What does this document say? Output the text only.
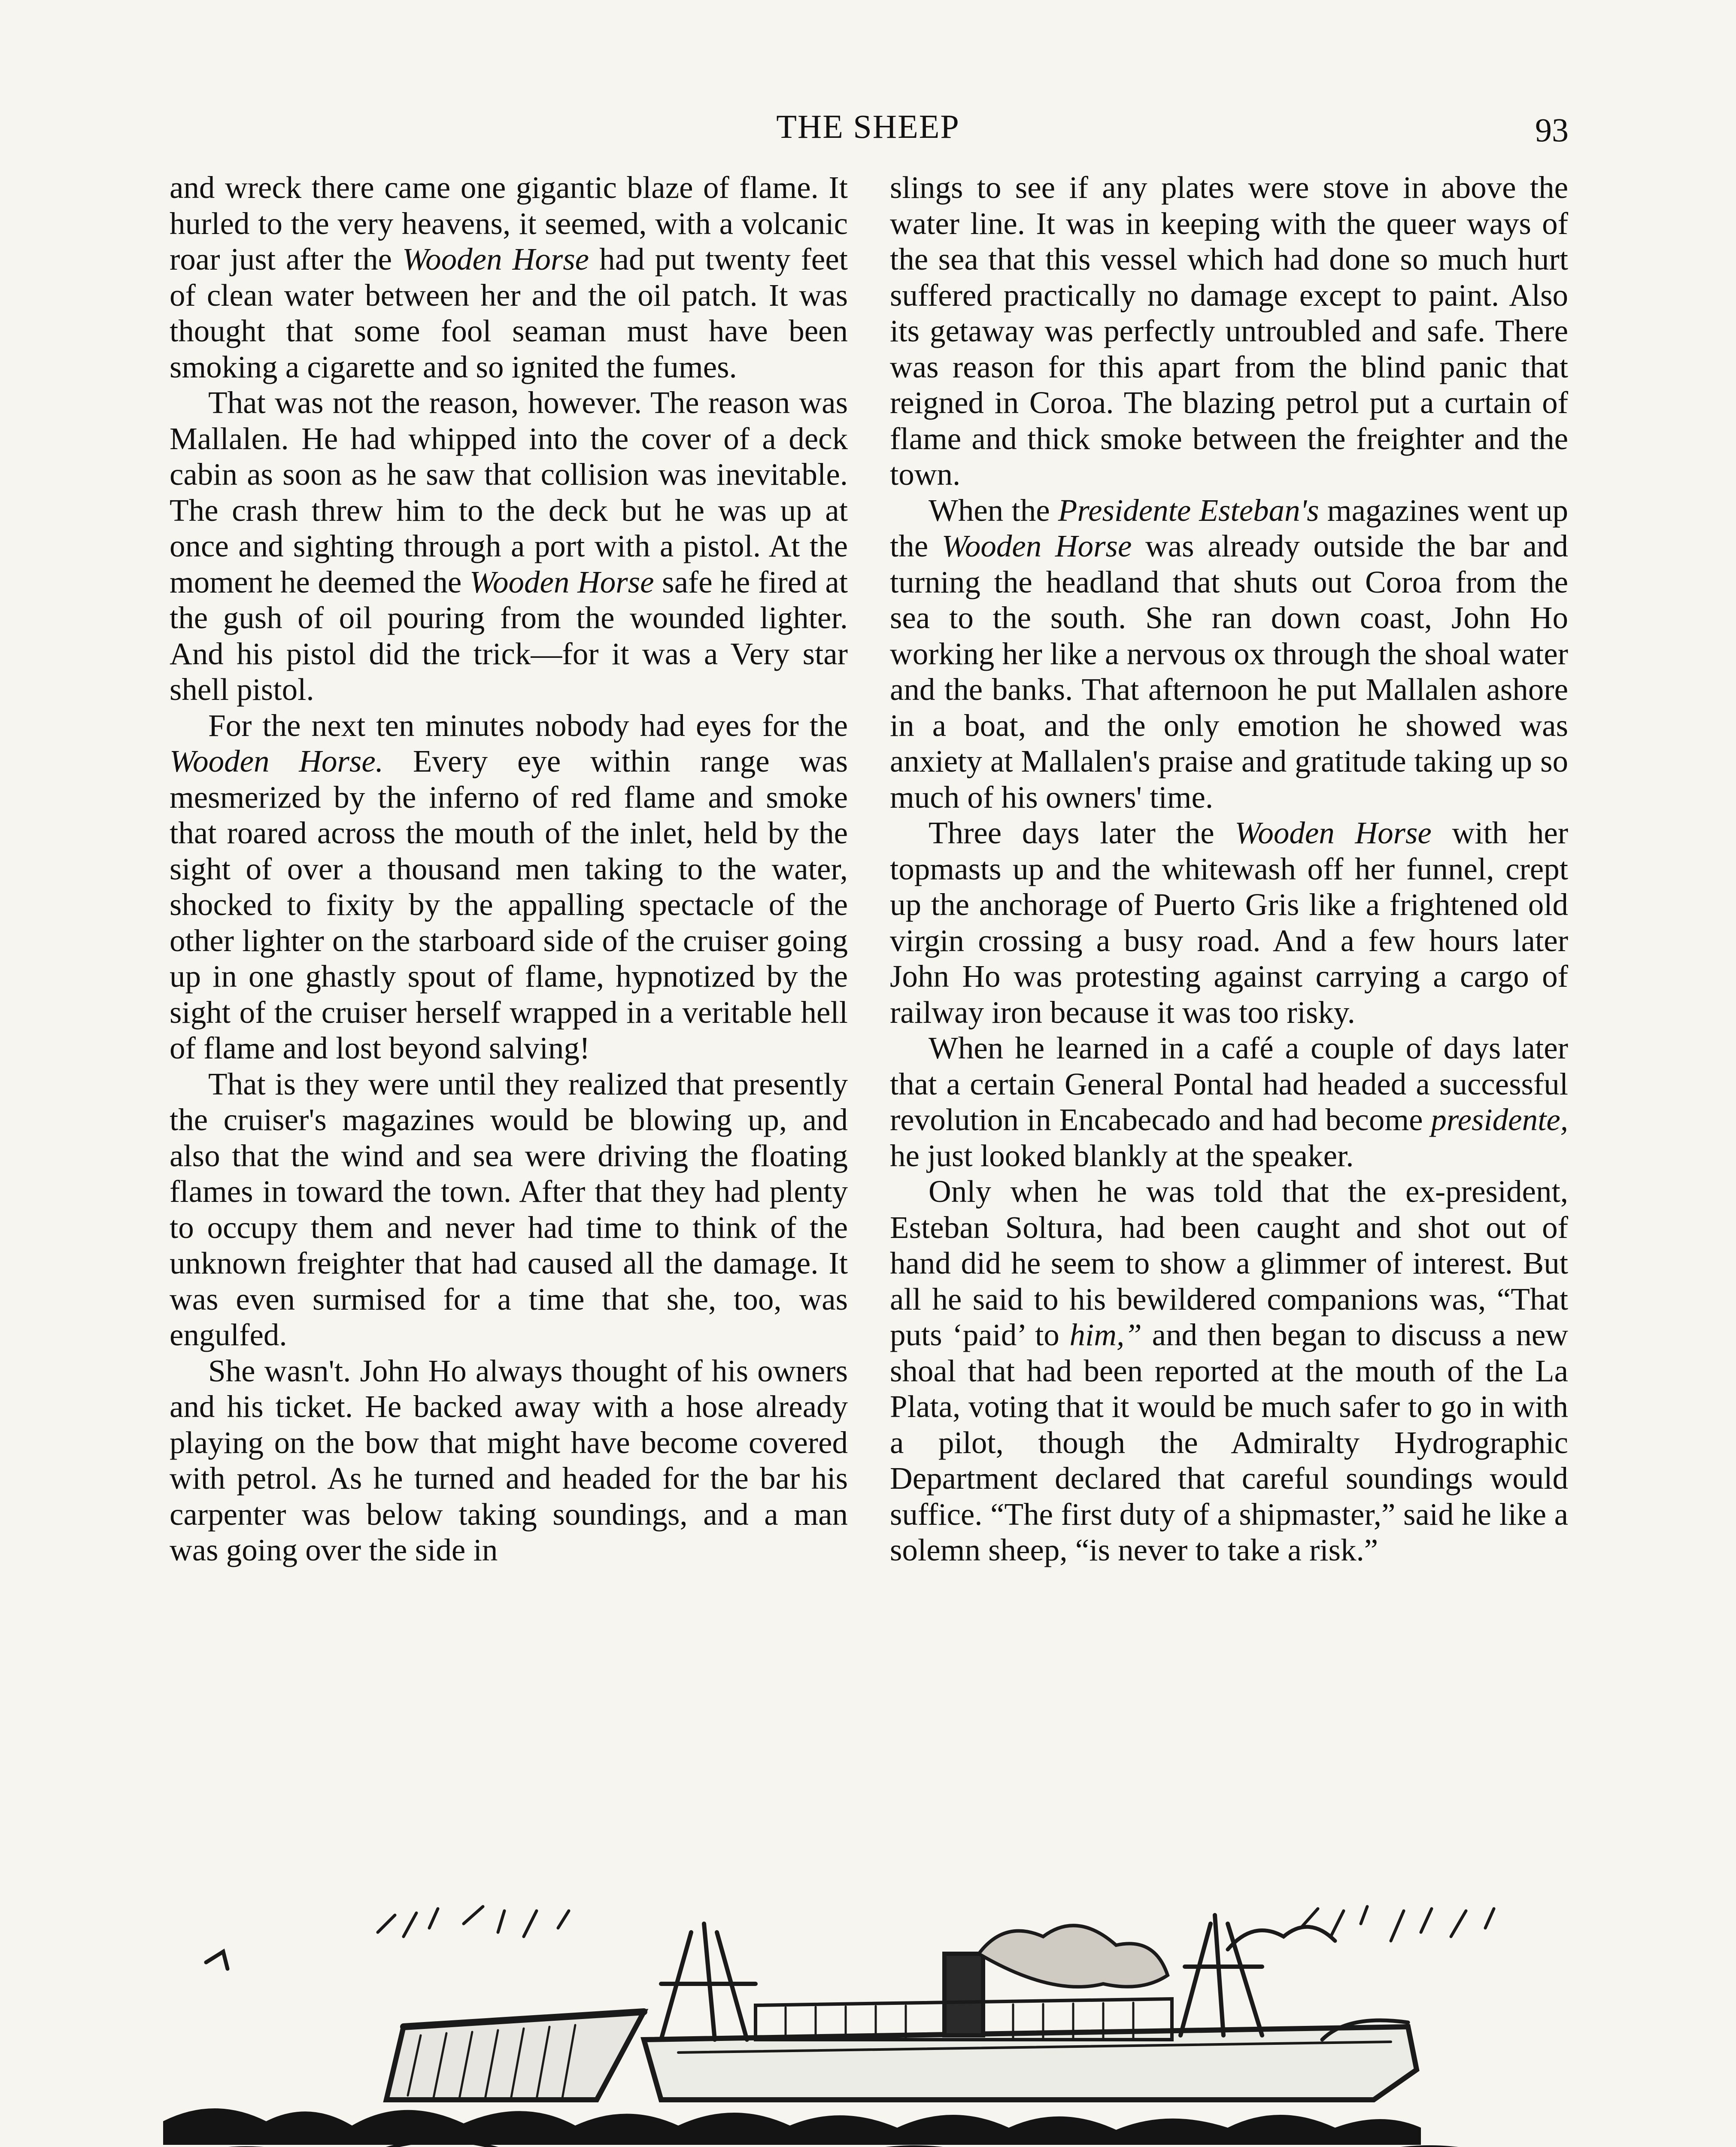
THE SHEEP	93

and wreck there came one gigantic blaze of flame. It hurled to the very heavens, it seemed, with a volcanic roar just after the Wooden Horse had put twenty feet of clean water between her and the oil patch. It was thought that some fool seaman must have been smoking a cigarette and so ignited the fumes.

That was not the reason, however. The reason was Mallalen. He had whipped into the cover of a deck cabin as soon as he saw that collision was inevitable. The crash threw him to the deck but he was up at once and sighting through a port with a pistol. At the moment he deemed the Wooden Horse safe he fired at the gush of oil pouring from the wounded lighter. And his pistol did the trick—for it was a Very star shell pistol.

For the next ten minutes nobody had eyes for the Wooden Horse. Every eye within range was mesmerized by the inferno of red flame and smoke that roared across the mouth of the inlet, held by the sight of over a thousand men taking to the water, shocked to fixity by the appalling spectacle of the other lighter on the starboard side of the cruiser going up in one ghastly spout of flame, hypnotized by the sight of the cruiser herself wrapped in a veritable hell of flame and lost beyond salving!

That is they were until they realized that presently the cruiser's magazines would be blowing up, and also that the wind and sea were driving the floating flames in toward the town. After that they had plenty to occupy them and never had time to think of the unknown freighter that had caused all the damage. It was even surmised for a time that she, too, was engulfed.

She wasn't. John Ho always thought of his owners and his ticket. He backed away with a hose already playing on the bow that might have become covered with petrol. As he turned and headed for the bar his carpenter was below taking soundings, and a man was going over the side in

slings to see if any plates were stove in above the water line. It was in keeping with the queer ways of the sea that this vessel which had done so much hurt suffered practically no damage except to paint. Also its getaway was perfectly untroubled and safe. There was reason for this apart from the blind panic that reigned in Coroa. The blazing petrol put a curtain of flame and thick smoke between the freighter and the town.

When the Presidente Esteban's magazines went up the Wooden Horse was already outside the bar and turning the headland that shuts out Coroa from the sea to the south. She ran down coast, John Ho working her like a nervous ox through the shoal water and the banks. That afternoon he put Mallalen ashore in a boat, and the only emotion he showed was anxiety at Mallalen's praise and gratitude taking up so much of his owners' time.

Three days later the Wooden Horse with her topmasts up and the whitewash off her funnel, crept up the anchorage of Puerto Gris like a frightened old virgin crossing a busy road. And a few hours later John Ho was protesting against carrying a cargo of railway iron because it was too risky.

When he learned in a café a couple of days later that a certain General Pontal had headed a successful revolution in Encabecado and had become presidente, he just looked blankly at the speaker.

Only when he was told that the ex-president, Esteban Soltura, had been caught and shot out of hand did he seem to show a glimmer of interest. But all he said to his bewildered companions was, “That puts ‘paid’ to him,” and then began to discuss a new shoal that had been reported at the mouth of the La Plata, voting that it would be much safer to go in with a pilot, though the Admiralty Hydrographic Department declared that careful soundings would suffice. “The first duty of a shipmaster,” said he like a solemn sheep, “is never to take a risk.”
